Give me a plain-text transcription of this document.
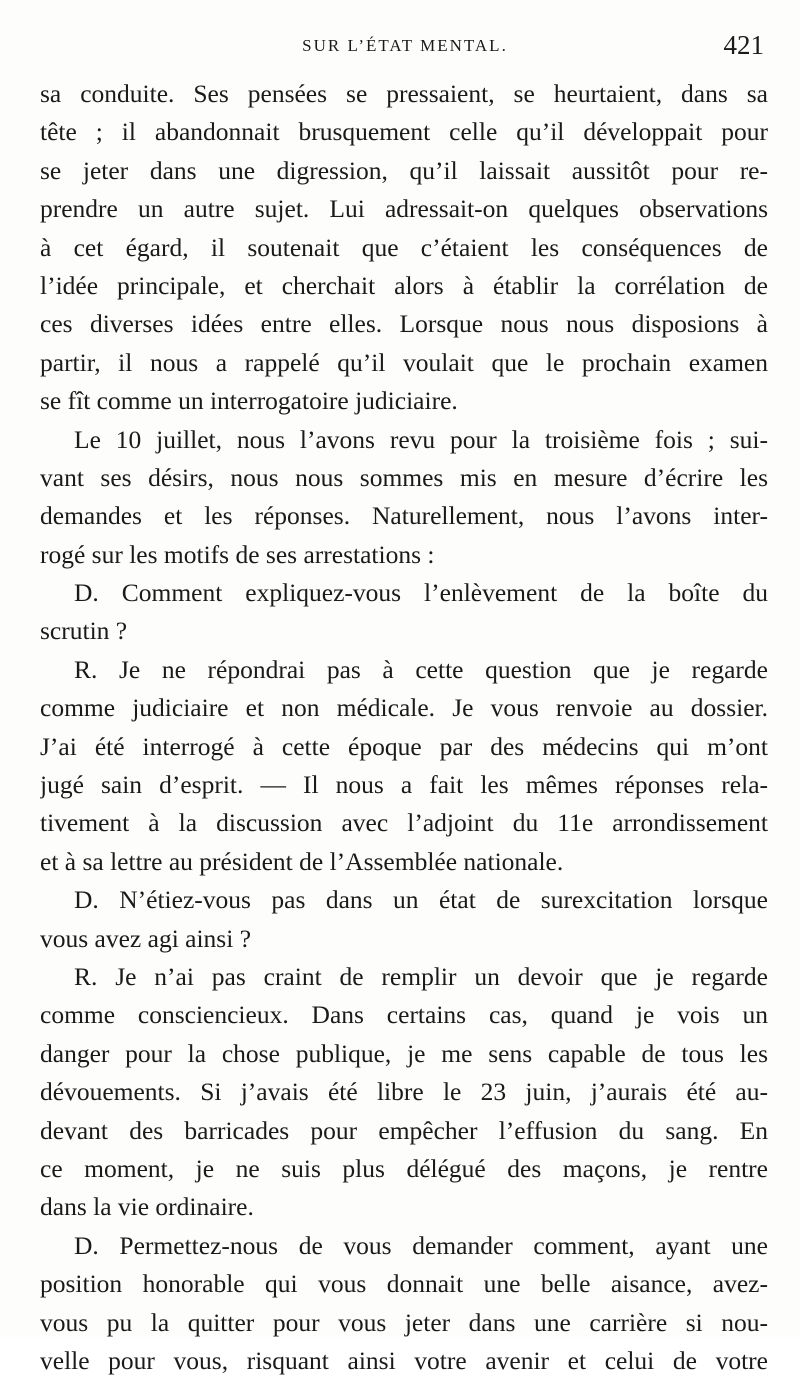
SUR L’ÉTAT MENTAL.	421
sa conduite. Ses pensées se pressaient, se heurtaient, dans sa
tête ; il abandonnait brusquement celle qu’il développait pour
se jeter dans une digression, qu’il laissait aussitôt pour re-
prendre un autre sujet. Lui adressait-on quelques observations
à cet égard, il soutenait que c’étaient les conséquences de
l’idée principale, et cherchait alors à établir la corrélation de
ces diverses idées entre elles. Lorsque nous nous disposions à
partir, il nous a rappelé qu’il voulait que le prochain examen
se fît comme un interrogatoire judiciaire.
Le 10 juillet, nous l’avons revu pour la troisième fois ; sui-
vant ses désirs, nous nous sommes mis en mesure d’écrire les
demandes et les réponses. Naturellement, nous l’avons inter-
rogé sur les motifs de ses arrestations :
D. Comment expliquez-vous l’enlèvement de la boîte du
scrutin ?
R. Je ne répondrai pas à cette question que je regarde
comme judiciaire et non médicale. Je vous renvoie au dossier.
J’ai été interrogé à cette époque par des médecins qui m’ont
jugé sain d’esprit. — Il nous a fait les mêmes réponses rela-
tivement à la discussion avec l’adjoint du 11e arrondissement
et à sa lettre au président de l’Assemblée nationale.
D. N’étiez-vous pas dans un état de surexcitation lorsque
vous avez agi ainsi ?
R. Je n’ai pas craint de remplir un devoir que je regarde
comme consciencieux. Dans certains cas, quand je vois un
danger pour la chose publique, je me sens capable de tous les
dévouements. Si j’avais été libre le 23 juin, j’aurais été au-
devant des barricades pour empêcher l’effusion du sang. En
ce moment, je ne suis plus délégué des maçons, je rentre
dans la vie ordinaire.
D. Permettez-nous de vous demander comment, ayant une
position honorable qui vous donnait une belle aisance, avez-
vous pu la quitter pour vous jeter dans une carrière si nou-
velle pour vous, risquant ainsi votre avenir et celui de votre
